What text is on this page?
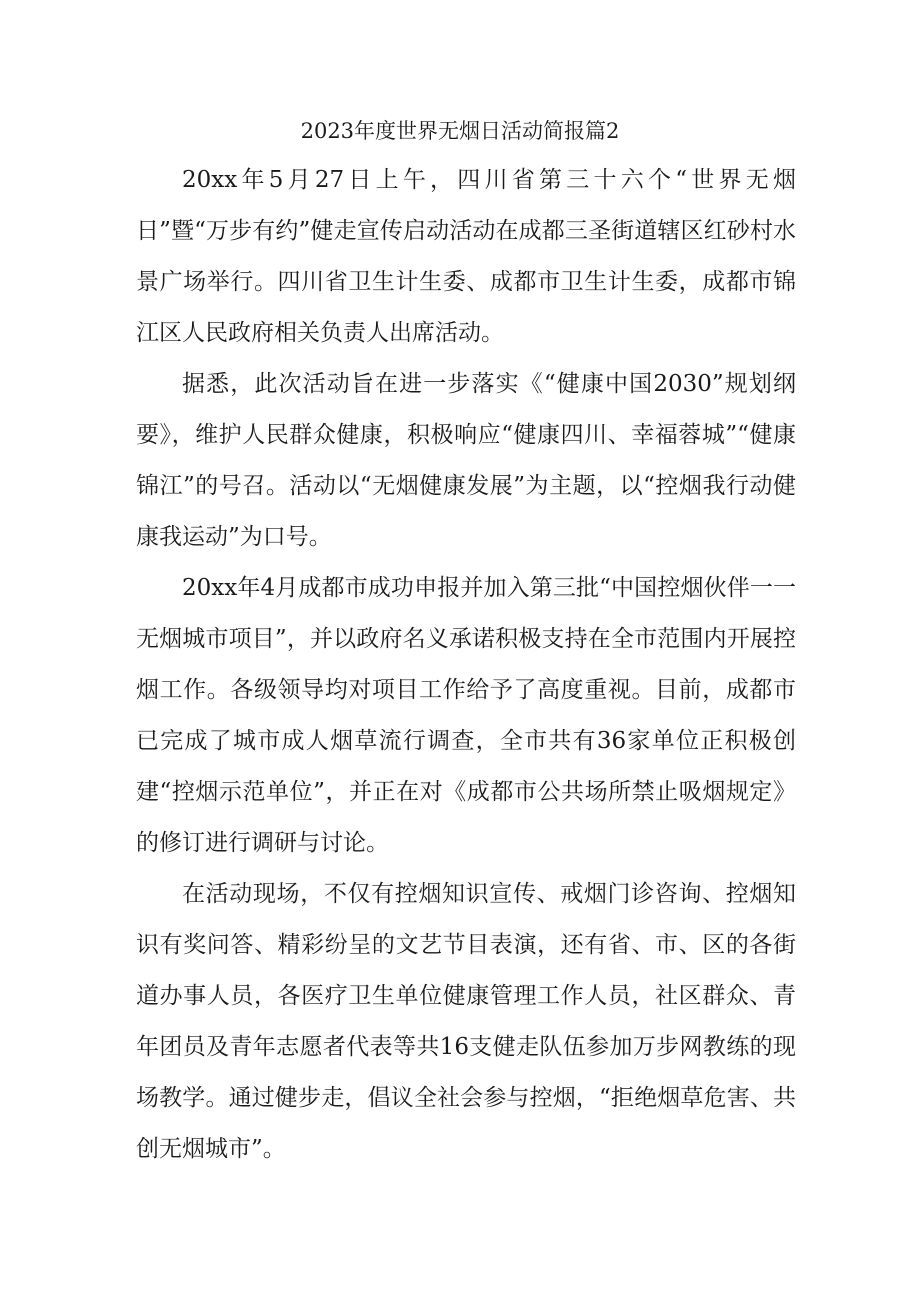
2023年度世界无烟日活动简报篇2

20xx年5月27日上午，四川省第三十六个“世界无烟日”暨“万步有约”健走宣传启动活动在成都三圣街道辖区红砂村水景广场举行。四川省卫生计生委、成都市卫生计生委，成都市锦江区人民政府相关负责人出席活动。

据悉，此次活动旨在进一步落实《“健康中国2030”规划纲要》，维护人民群众健康，积极响应“健康四川、幸福蓉城”“健康锦江”的号召。活动以“无烟健康发展”为主题，以“控烟我行动健康我运动”为口号。

20xx年4月成都市成功申报并加入第三批“中国控烟伙伴一一无烟城市项目”，并以政府名义承诺积极支持在全市范围内开展控烟工作。各级领导均对项目工作给予了高度重视。目前，成都市已完成了城市成人烟草流行调查，全市共有36家单位正积极创建“控烟示范单位”，并正在对《成都市公共场所禁止吸烟规定》的修订进行调研与讨论。

在活动现场，不仅有控烟知识宣传、戒烟门诊咨询、控烟知识有奖问答、精彩纷呈的文艺节目表演，还有省、市、区的各街道办事人员，各医疗卫生单位健康管理工作人员，社区群众、青年团员及青年志愿者代表等共16支健走队伍参加万步网教练的现场教学。通过健步走，倡议全社会参与控烟，“拒绝烟草危害、共创无烟城市”。
